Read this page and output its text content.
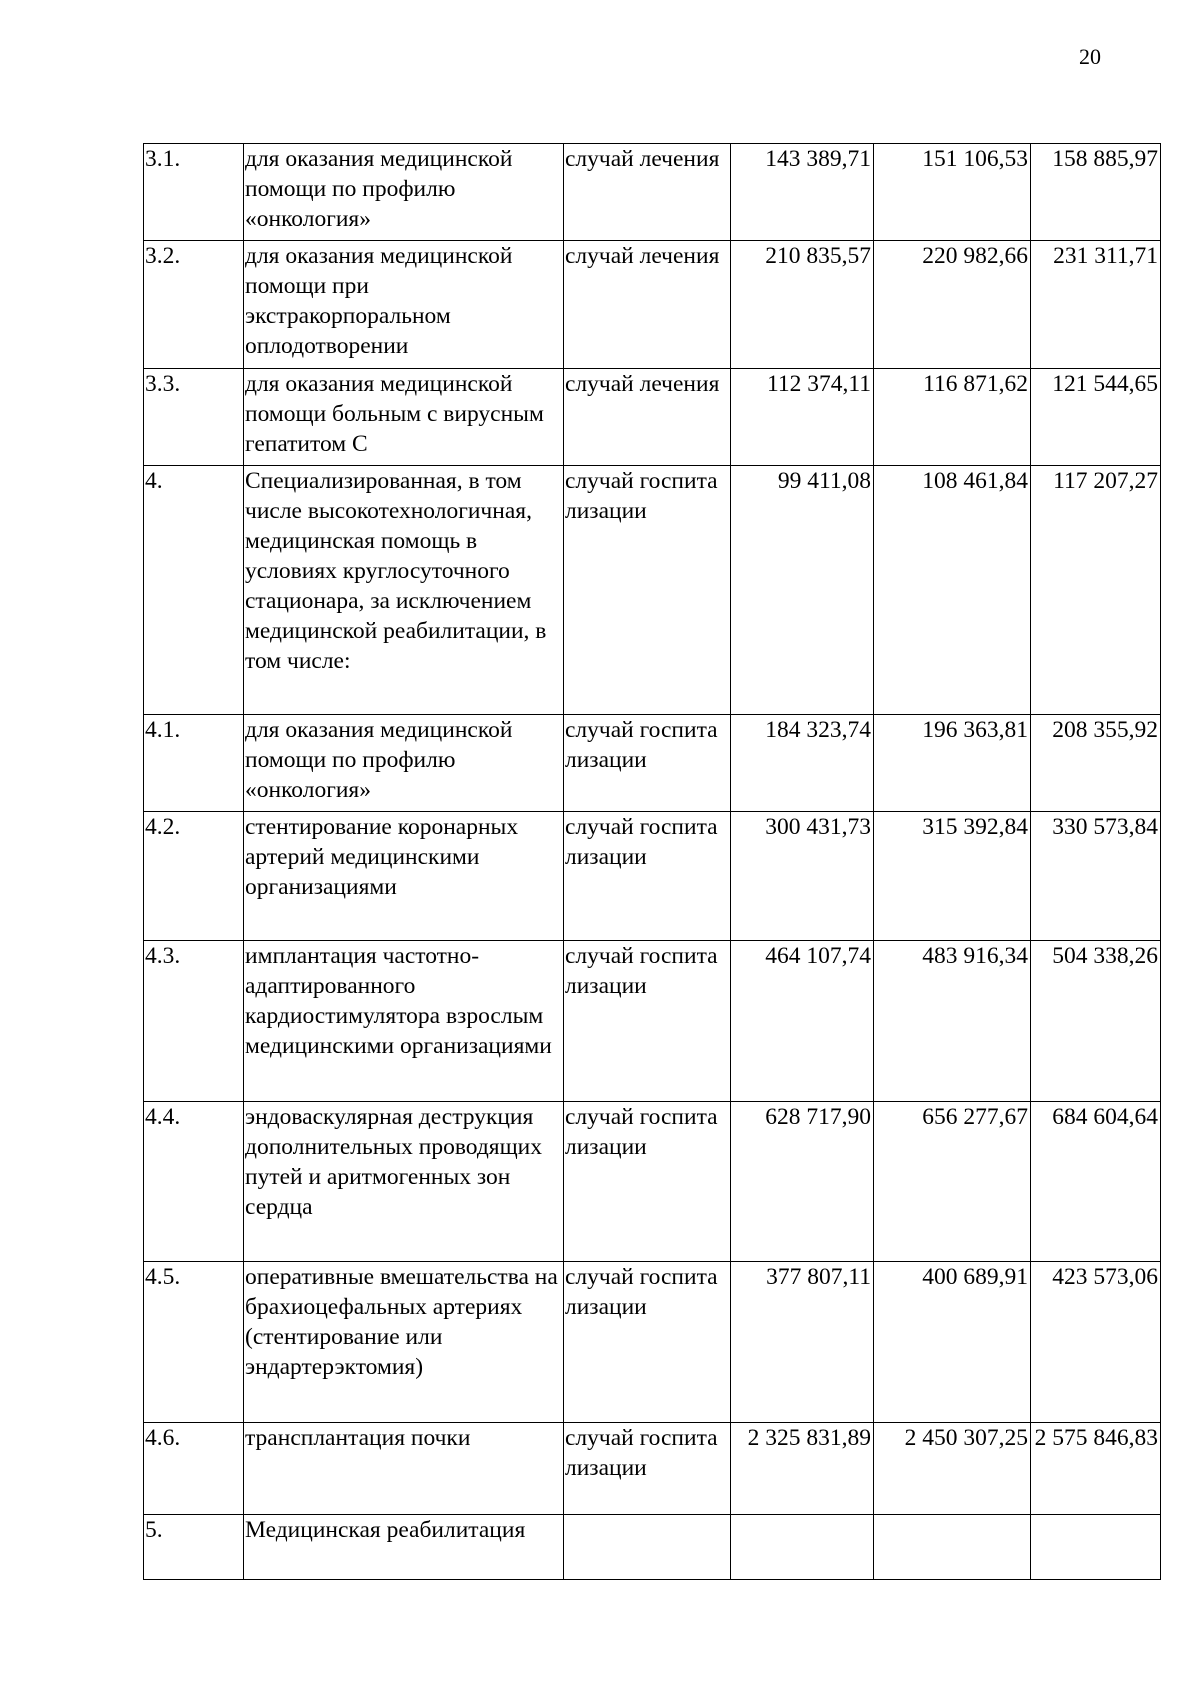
20
3.1.	для оказания медицинской помощи по профилю «онкология»	случай лечения	143 389,71	151 106,53	158 885,97
3.2.	для оказания медицинской помощи при экстракорпоральном оплодотворении	случай лечения	210 835,57	220 982,66	231 311,71
3.3.	для оказания медицинской помощи больным с вирусным гепатитом С	случай лечения	112 374,11	116 871,62	121 544,65
4.	Специализированная, в том числе высокотехнологичная, медицинская помощь в условиях круглосуточного стационара, за исключением медицинской реабилитации, в том числе:	случай госпитализации	99 411,08	108 461,84	117 207,27
4.1.	для оказания медицинской помощи по профилю «онкология»	случай госпитализации	184 323,74	196 363,81	208 355,92
4.2.	стентирование коронарных артерий медицинскими организациями	случай госпитализации	300 431,73	315 392,84	330 573,84
4.3.	имплантация частотно-адаптированного кардиостимулятора взрослым медицинскими организациями	случай госпитализации	464 107,74	483 916,34	504 338,26
4.4.	эндоваскулярная деструкция дополнительных проводящих путей и аритмогенных зон сердца	случай госпитализации	628 717,90	656 277,67	684 604,64
4.5.	оперативные вмешательства на брахиоцефальных артериях (стентирование или эндартерэктомия)	случай госпитализации	377 807,11	400 689,91	423 573,06
4.6.	трансплантация почки	случай госпитализации	2 325 831,89	2 450 307,25	2 575 846,83
5.	Медицинская реабилитация				
